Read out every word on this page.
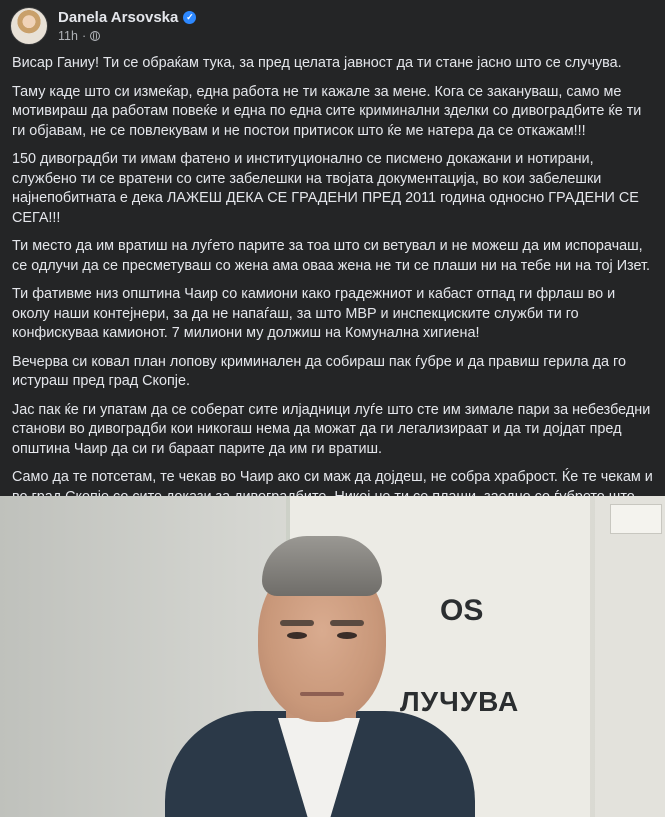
Danela Arsovska ✓
11h ·

Висар Ганиу! Ти се обраќам тука, за пред целата јавност да ти стане јасно што се случува.

Таму каде што си измеќар, една работа не ти кажале за мене. Кога се закануваш, само ме мотивираш да работам повеќе и една по една сите криминални зделки со дивоградбите ќе ти ги објавам, не се повлекувам и не постои притисок што ќе ме натера да се откажам!!!

150 дивоградби ти имам фатено и институционално се писмено докажани и нотирани, службено ти се вратени со сите забелешки на твојата документација, во кои забелешки најнепобитната е дека ЛАЖЕШ ДЕКА СЕ ГРАДЕНИ ПРЕД 2011 година односно ГРАДЕНИ СЕ СЕГА!!!

Ти место да им вратиш на луѓето парите за тоа што си ветувал и не можеш да им испорачаш, се одлучи да се пресметуваш со жена ама оваа жена не ти се плаши ни на тебе ни на тој Изет.

Ти фативме низ општина Чаир со камиони како градежниот и кабаст отпад ги фрлаш во и околу наши контејнери, за да не напаѓаш, за што МВР и инспекциските служби ти го конфискуваа камионот. 7 милиони му должиш на Комунална хигиена!

Вечерва си ковал план лопову криминален да собираш пак ѓубре и да правиш герила да го истураш пред град Скопје.

Јас пак ќе ги упатам да се соберат сите илјадници луѓе што сте им зимале пари за небезбедни станови во дивоградби кои никогаш нема да можат да ги легализираат и да ти дојдат пред општина Чаир да си ги бараат парите да им ги вратиш.

Само да те потсетам, те чекав во Чаир ако си маж да дојдеш, не собра храброст. Ќе те чекам и

OS
ЛУЧУВА
